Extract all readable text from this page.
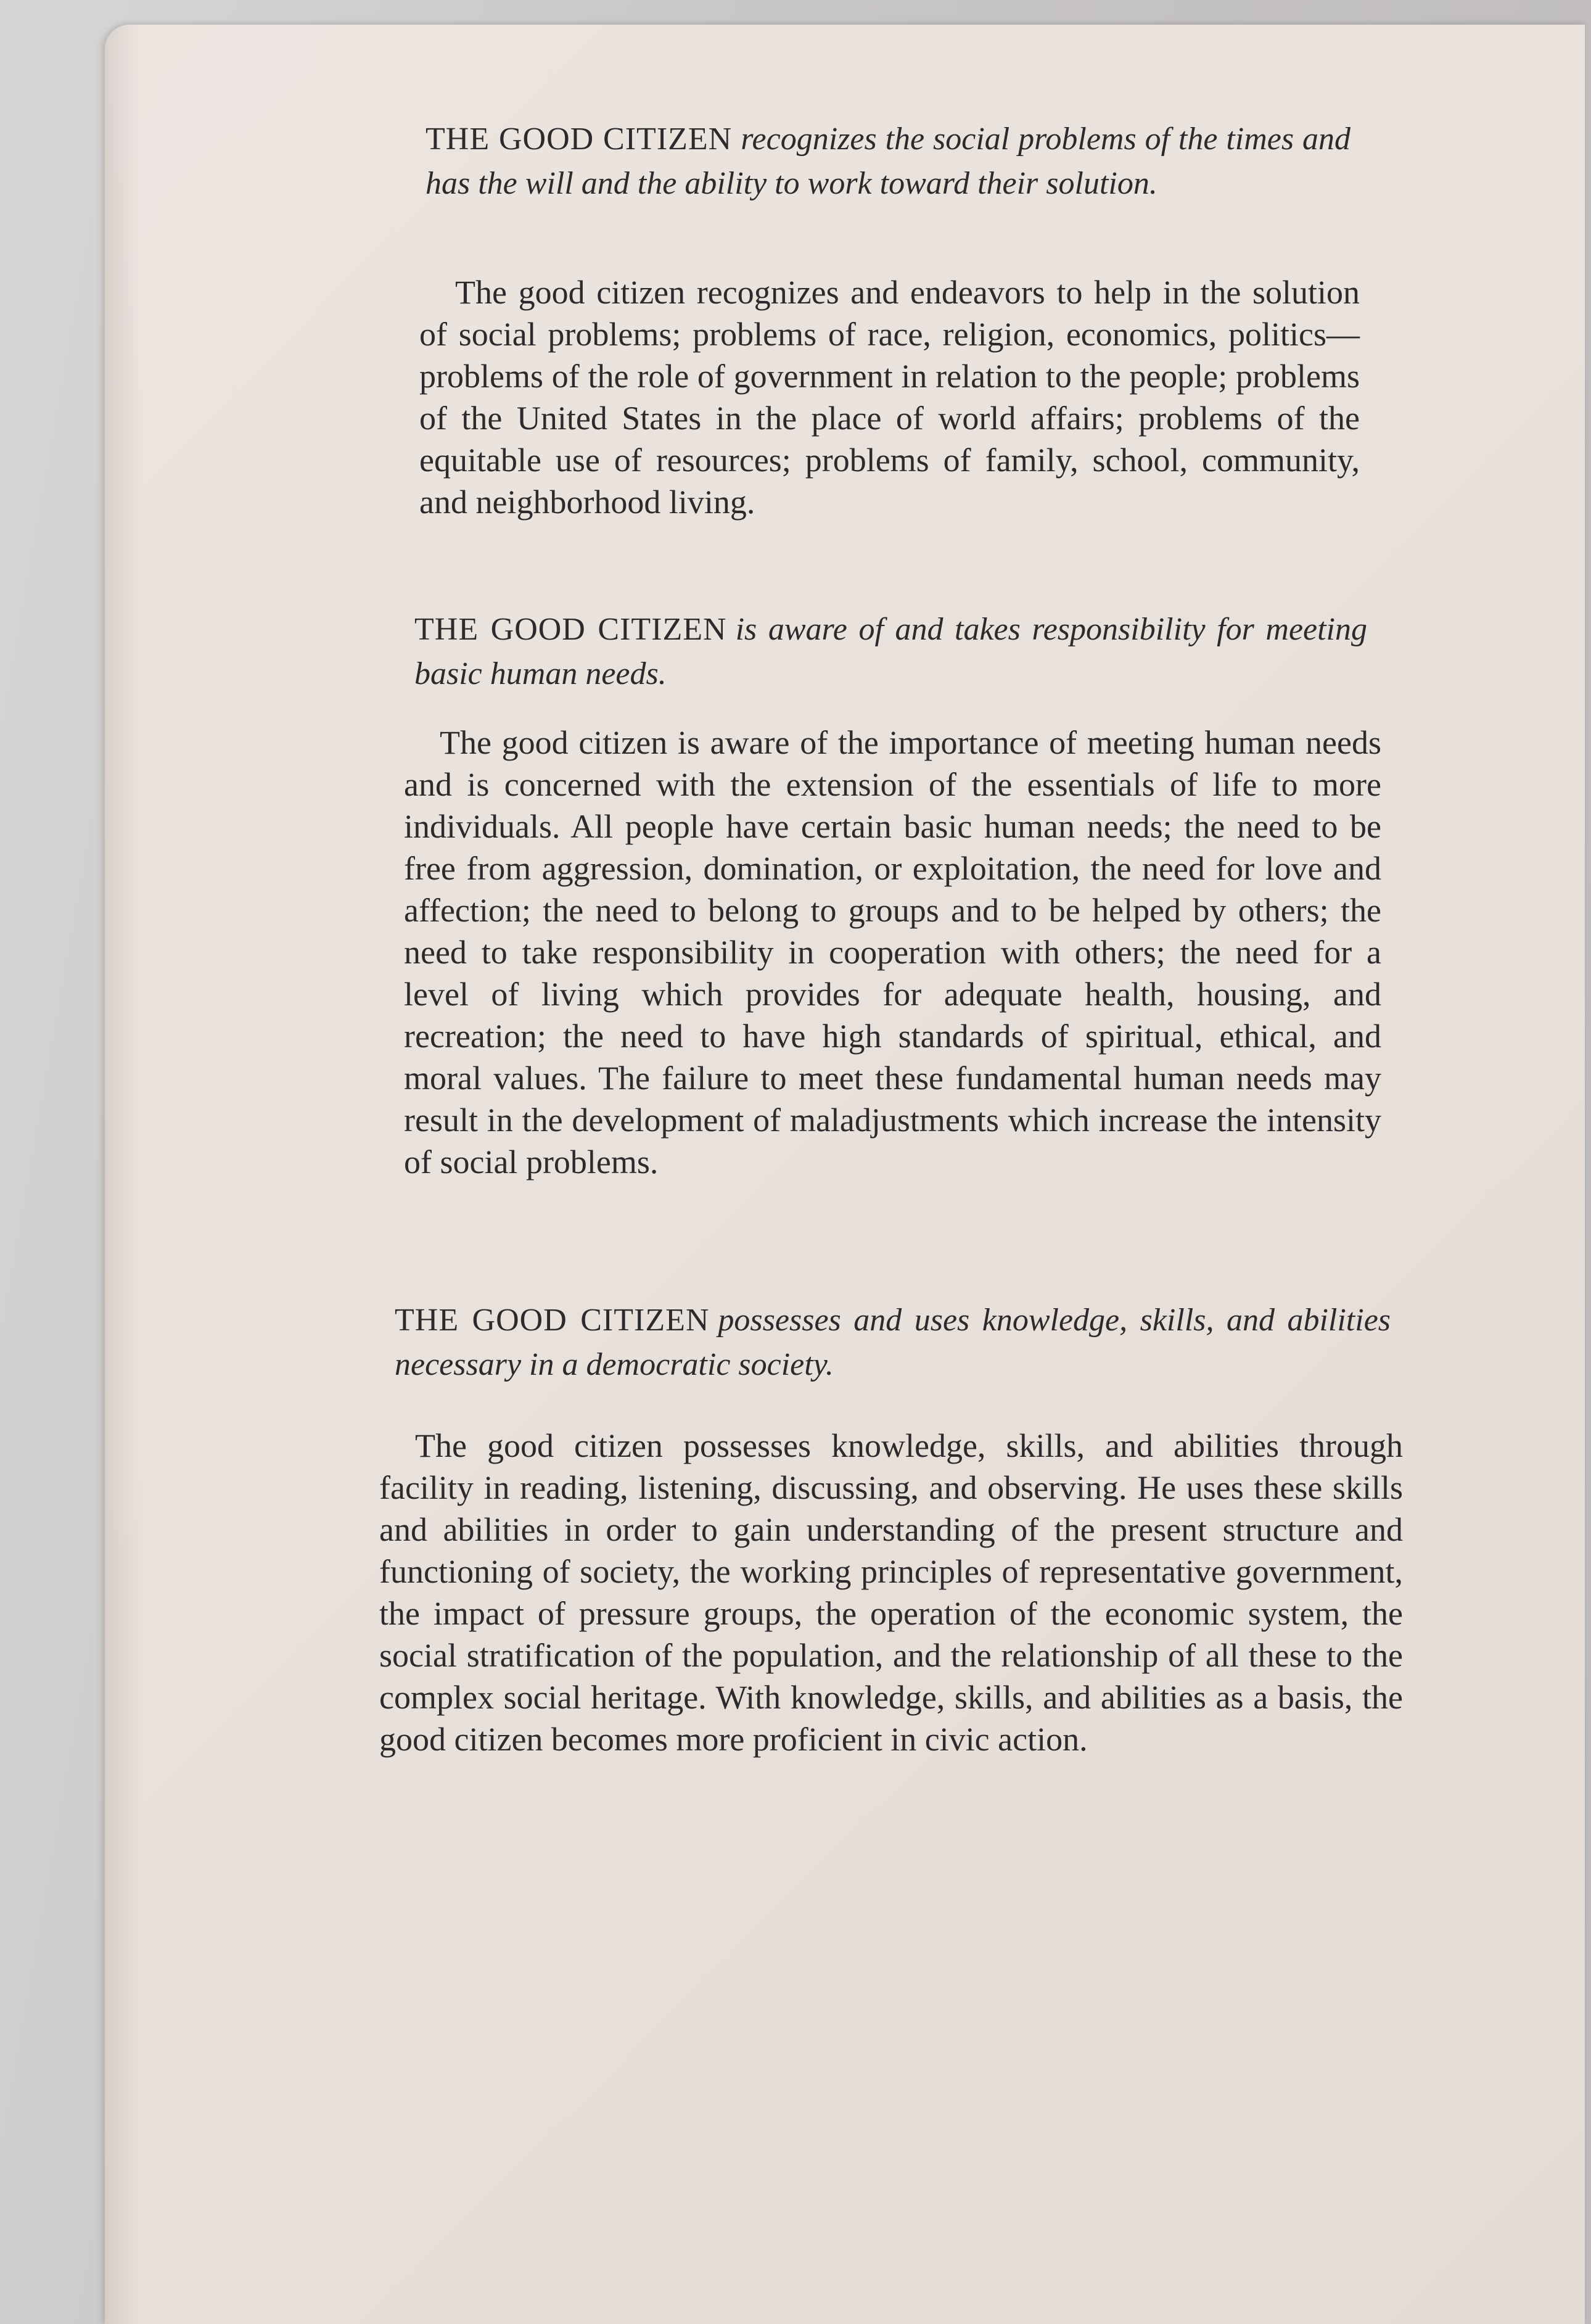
THE GOOD CITIZEN recognizes the social problems of the times and has the will and the ability to work toward their solution.

The good citizen recognizes and endeavors to help in the solution of social problems; problems of race, religion, economics, politics—problems of the role of government in relation to the people; problems of the United States in the place of world affairs; problems of the equitable use of resources; problems of family, school, community, and neighborhood living.

THE GOOD CITIZEN is aware of and takes responsibility for meeting basic human needs.

The good citizen is aware of the importance of meeting human needs and is concerned with the extension of the essentials of life to more individuals. All people have certain basic human needs; the need to be free from aggression, domination, or exploitation, the need for love and affection; the need to belong to groups and to be helped by others; the need to take responsibility in cooperation with others; the need for a level of living which provides for adequate health, housing, and recreation; the need to have high standards of spiritual, ethical, and moral values. The failure to meet these fundamental human needs may result in the development of maladjustments which increase the intensity of social problems.

THE GOOD CITIZEN possesses and uses knowledge, skills, and abilities necessary in a democratic society.

The good citizen possesses knowledge, skills, and abilities through facility in reading, listening, discussing, and observing. He uses these skills and abilities in order to gain understanding of the present structure and functioning of society, the working principles of representative government, the impact of pressure groups, the operation of the economic system, the social stratification of the population, and the relationship of all these to the complex social heritage. With knowledge, skills, and abilities as a basis, the good citizen becomes more proficient in civic action.
